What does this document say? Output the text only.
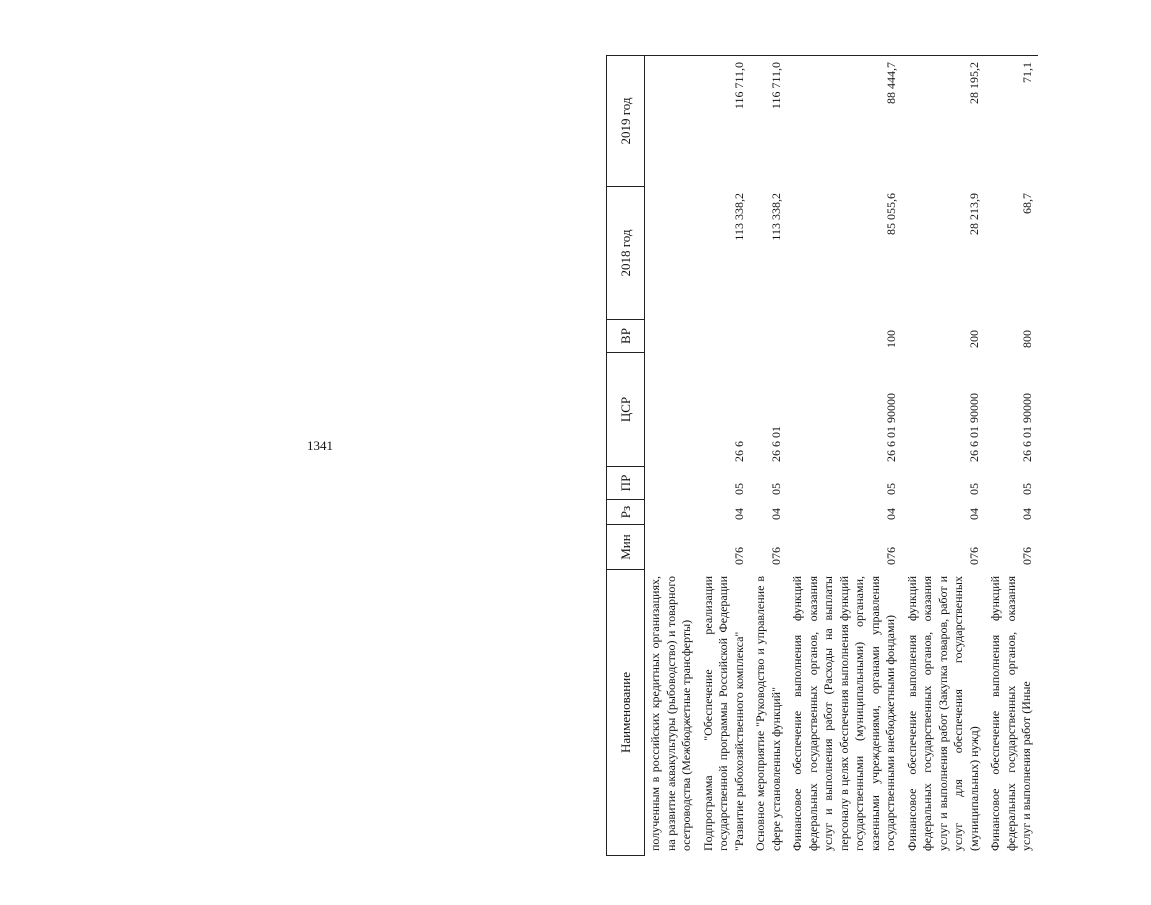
1341
Наименование	Мин	Рз	ПР	ЦСР	ВР	2018 год	2019 год
полученным в российских кредитных организациях, на развитие аквакультуры (рыбоводство) и товарного осетроводства (Межбюджетные трансферты)							
Подпрограмма "Обеспечение реализации государственной программы Российской Федерации "Развитие рыбохозяйственного комплекса"	076	04	05	26 6		113 338,2	116 711,0
Основное мероприятие "Руководство и управление в сфере установленных функций"	076	04	05	26 6 01		113 338,2	116 711,0
Финансовое обеспечение выполнения функций федеральных государственных органов, оказания услуг и выполнения работ (Расходы на выплаты персоналу в целях обеспечения выполнения функций государственными (муниципальными) органами, казенными учреждениями, органами управления государственными внебюджетными фондами)	076	04	05	26 6 01 90000	100	85 055,6	88 444,7
Финансовое обеспечение выполнения функций федеральных государственных органов, оказания услуг и выполнения работ (Закупка товаров, работ и услуг для обеспечения государственных (муниципальных) нужд)	076	04	05	26 6 01 90000	200	28 213,9	28 195,2
Финансовое обеспечение выполнения функций федеральных государственных органов, оказания услуг и выполнения работ (Иные	076	04	05	26 6 01 90000	800	68,7	71,1
